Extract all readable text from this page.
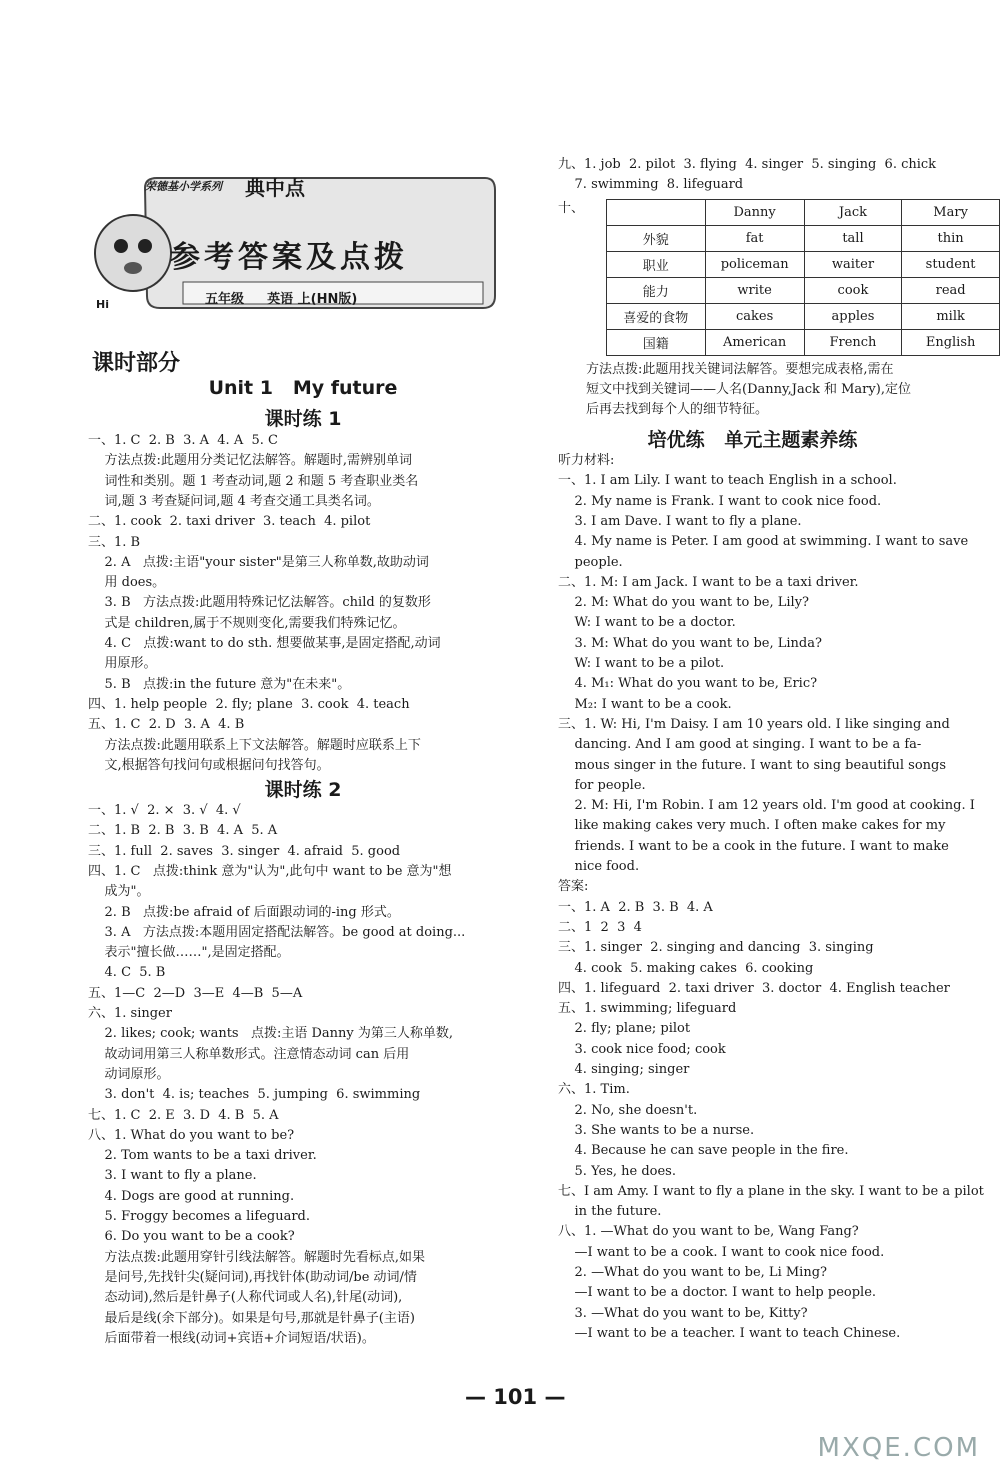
荣德基小学系列 典中点
参考答案及点拨
Hi	五年级 英语 上(HN版)
课时部分
Unit 1   My future
课时练 1
一、1. C  2. B  3. A  4. A  5. C
方法点拨:此题用分类记忆法解答。解题时,需辨别单词
词性和类别。题 1 考查动词,题 2 和题 5 考查职业类名
词,题 3 考查疑问词,题 4 考查交通工具类名词。
二、1. cook  2. taxi driver  3. teach  4. pilot
三、1. B
2. A   点拨:主语"your sister"是第三人称单数,故助动词
用 does。
3. B   方法点拨:此题用特殊记忆法解答。child 的复数形
式是 children,属于不规则变化,需要我们特殊记忆。
4. C   点拨:want to do sth. 想要做某事,是固定搭配,动词
用原形。
5. B   点拨:in the future 意为"在未来"。
四、1. help people  2. fly; plane  3. cook  4. teach
五、1. C  2. D  3. A  4. B
方法点拨:此题用联系上下文法解答。解题时应联系上下
文,根据答句找问句或根据问句找答句。
课时练 2
一、1. √  2. ×  3. √  4. √
二、1. B  2. B  3. B  4. A  5. A
三、1. full  2. saves  3. singer  4. afraid  5. good
四、1. C   点拨:think 意为"认为",此句中 want to be 意为"想
成为"。
2. B   点拨:be afraid of 后面跟动词的-ing 形式。
3. A   方法点拨:本题用固定搭配法解答。be good at doing...
表示"擅长做……",是固定搭配。
4. C  5. B
五、1—C  2—D  3—E  4—B  5—A
六、1. singer
2. likes; cook; wants   点拨:主语 Danny 为第三人称单数,
故动词用第三人称单数形式。注意情态动词 can 后用
动词原形。
3. don't  4. is; teaches  5. jumping  6. swimming
七、1. C  2. E  3. D  4. B  5. A
八、1. What do you want to be?
2. Tom wants to be a taxi driver.
3. I want to fly a plane.
4. Dogs are good at running.
5. Froggy becomes a lifeguard.
6. Do you want to be a cook?
方法点拨:此题用穿针引线法解答。解题时先看标点,如果
是问号,先找针尖(疑问词),再找针体(助动词/be 动词/情
态动词),然后是针鼻子(人称代词或人名),针尾(动词),
最后是线(余下部分)。如果是句号,那就是针鼻子(主语)
后面带着一根线(动词+宾语+介词短语/状语)。
九、1. job  2. pilot  3. flying  4. singer  5. singing  6. chick
7. swimming  8. lifeguard
十、
		Danny	Jack	Mary
外貌	fat	tall	thin
职业	policeman	waiter	student
能力	write	cook	read
喜爱的食物	cakes	apples	milk
国籍	American	French	English
方法点拨:此题用找关键词法解答。要想完成表格,需在
短文中找到关键词——人名(Danny,Jack 和 Mary),定位
后再去找到每个人的细节特征。
培优练   单元主题素养练
听力材料:
一、1. I am Lily. I want to teach English in a school.
2. My name is Frank. I want to cook nice food.
3. I am Dave. I want to fly a plane.
4. My name is Peter. I am good at swimming. I want to save
people.
二、1. M: I am Jack. I want to be a taxi driver.
2. M: What do you want to be, Lily?
W: I want to be a doctor.
3. M: What do you want to be, Linda?
W: I want to be a pilot.
4. M₁: What do you want to be, Eric?
M₂: I want to be a cook.
三、1. W: Hi, I'm Daisy. I am 10 years old. I like singing and
dancing. And I am good at singing. I want to be a fa-
mous singer in the future. I want to sing beautiful songs
for people.
2. M: Hi, I'm Robin. I am 12 years old. I'm good at cooking. I
like making cakes very much. I often make cakes for my
friends. I want to be a cook in the future. I want to make
nice food.
答案:
一、1. A  2. B  3. B  4. A
二、1  2  3  4
三、1. singer  2. singing and dancing  3. singing
4. cook  5. making cakes  6. cooking
四、1. lifeguard  2. taxi driver  3. doctor  4. English teacher
五、1. swimming; lifeguard
2. fly; plane; pilot
3. cook nice food; cook
4. singing; singer
六、1. Tim.
2. No, she doesn't.
3. She wants to be a nurse.
4. Because he can save people in the fire.
5. Yes, he does.
七、I am Amy. I want to fly a plane in the sky. I want to be a pilot
in the future.
八、1. —What do you want to be, Wang Fang?
—I want to be a cook. I want to cook nice food.
2. —What do you want to be, Li Ming?
—I want to be a doctor. I want to help people.
3. —What do you want to be, Kitty?
—I want to be a teacher. I want to teach Chinese.
— 101 —
MXQE.COM
